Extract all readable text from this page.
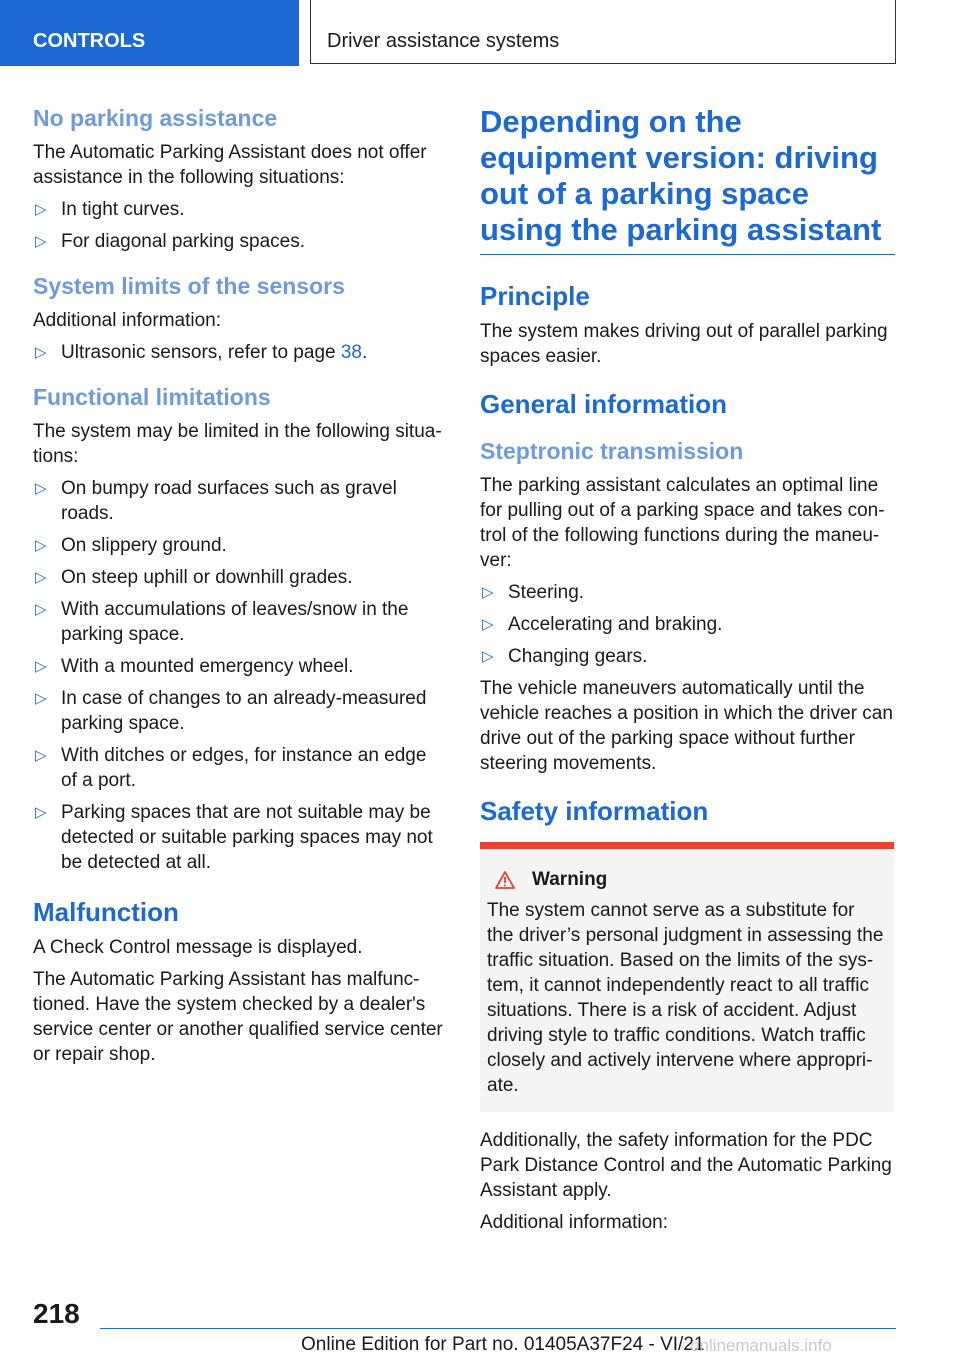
CONTROLS	Driver assistance systems
No parking assistance

The Automatic Parking Assistant does not offer assistance in the following situations:

▷ In tight curves.
▷ For diagonal parking spaces.
System limits of the sensors

Additional information:

▷ Ultrasonic sensors, refer to page 38.
Functional limitations

The system may be limited in the following situa‐tions:

▷ On bumpy road surfaces such as gravel roads.
▷ On slippery ground.
▷ On steep uphill or downhill grades.
▷ With accumulations of leaves/snow in the parking space.
▷ With a mounted emergency wheel.
▷ In case of changes to an already-measured parking space.
▷ With ditches or edges, for instance an edge of a port.
▷ Parking spaces that are not suitable may be detected or suitable parking spaces may not be detected at all.
Malfunction

A Check Control message is displayed.

The Automatic Parking Assistant has malfunc‐tioned. Have the system checked by a dealer's service center or another qualified service center or repair shop.

Depending on the equipment version: driving out of a parking space using the parking assistant
Principle

The system makes driving out of parallel parking spaces easier.

General information
Steptronic transmission

The parking assistant calculates an optimal line for pulling out of a parking space and takes con‐trol of the following functions during the maneu‐ver:

▷ Steering.
▷ Accelerating and braking.
▷ Changing gears.

The vehicle maneuvers automatically until the vehicle reaches a position in which the driver can drive out of the parking space without further steering movements.

Safety information
Warning

The system cannot serve as a substitute for the driver’s personal judgment in assessing the traffic situation. Based on the limits of the sys‐tem, it cannot independently react to all traffic situations. There is a risk of accident. Adjust driving style to traffic conditions. Watch traffic closely and actively intervene where appropri‐ate.

Additionally, the safety information for the PDC Park Distance Control and the Automatic Parking Assistant apply.

Additional information:

218
Online Edition for Part no. 01405A37F24 - VI/21
onlinemanuals.info
